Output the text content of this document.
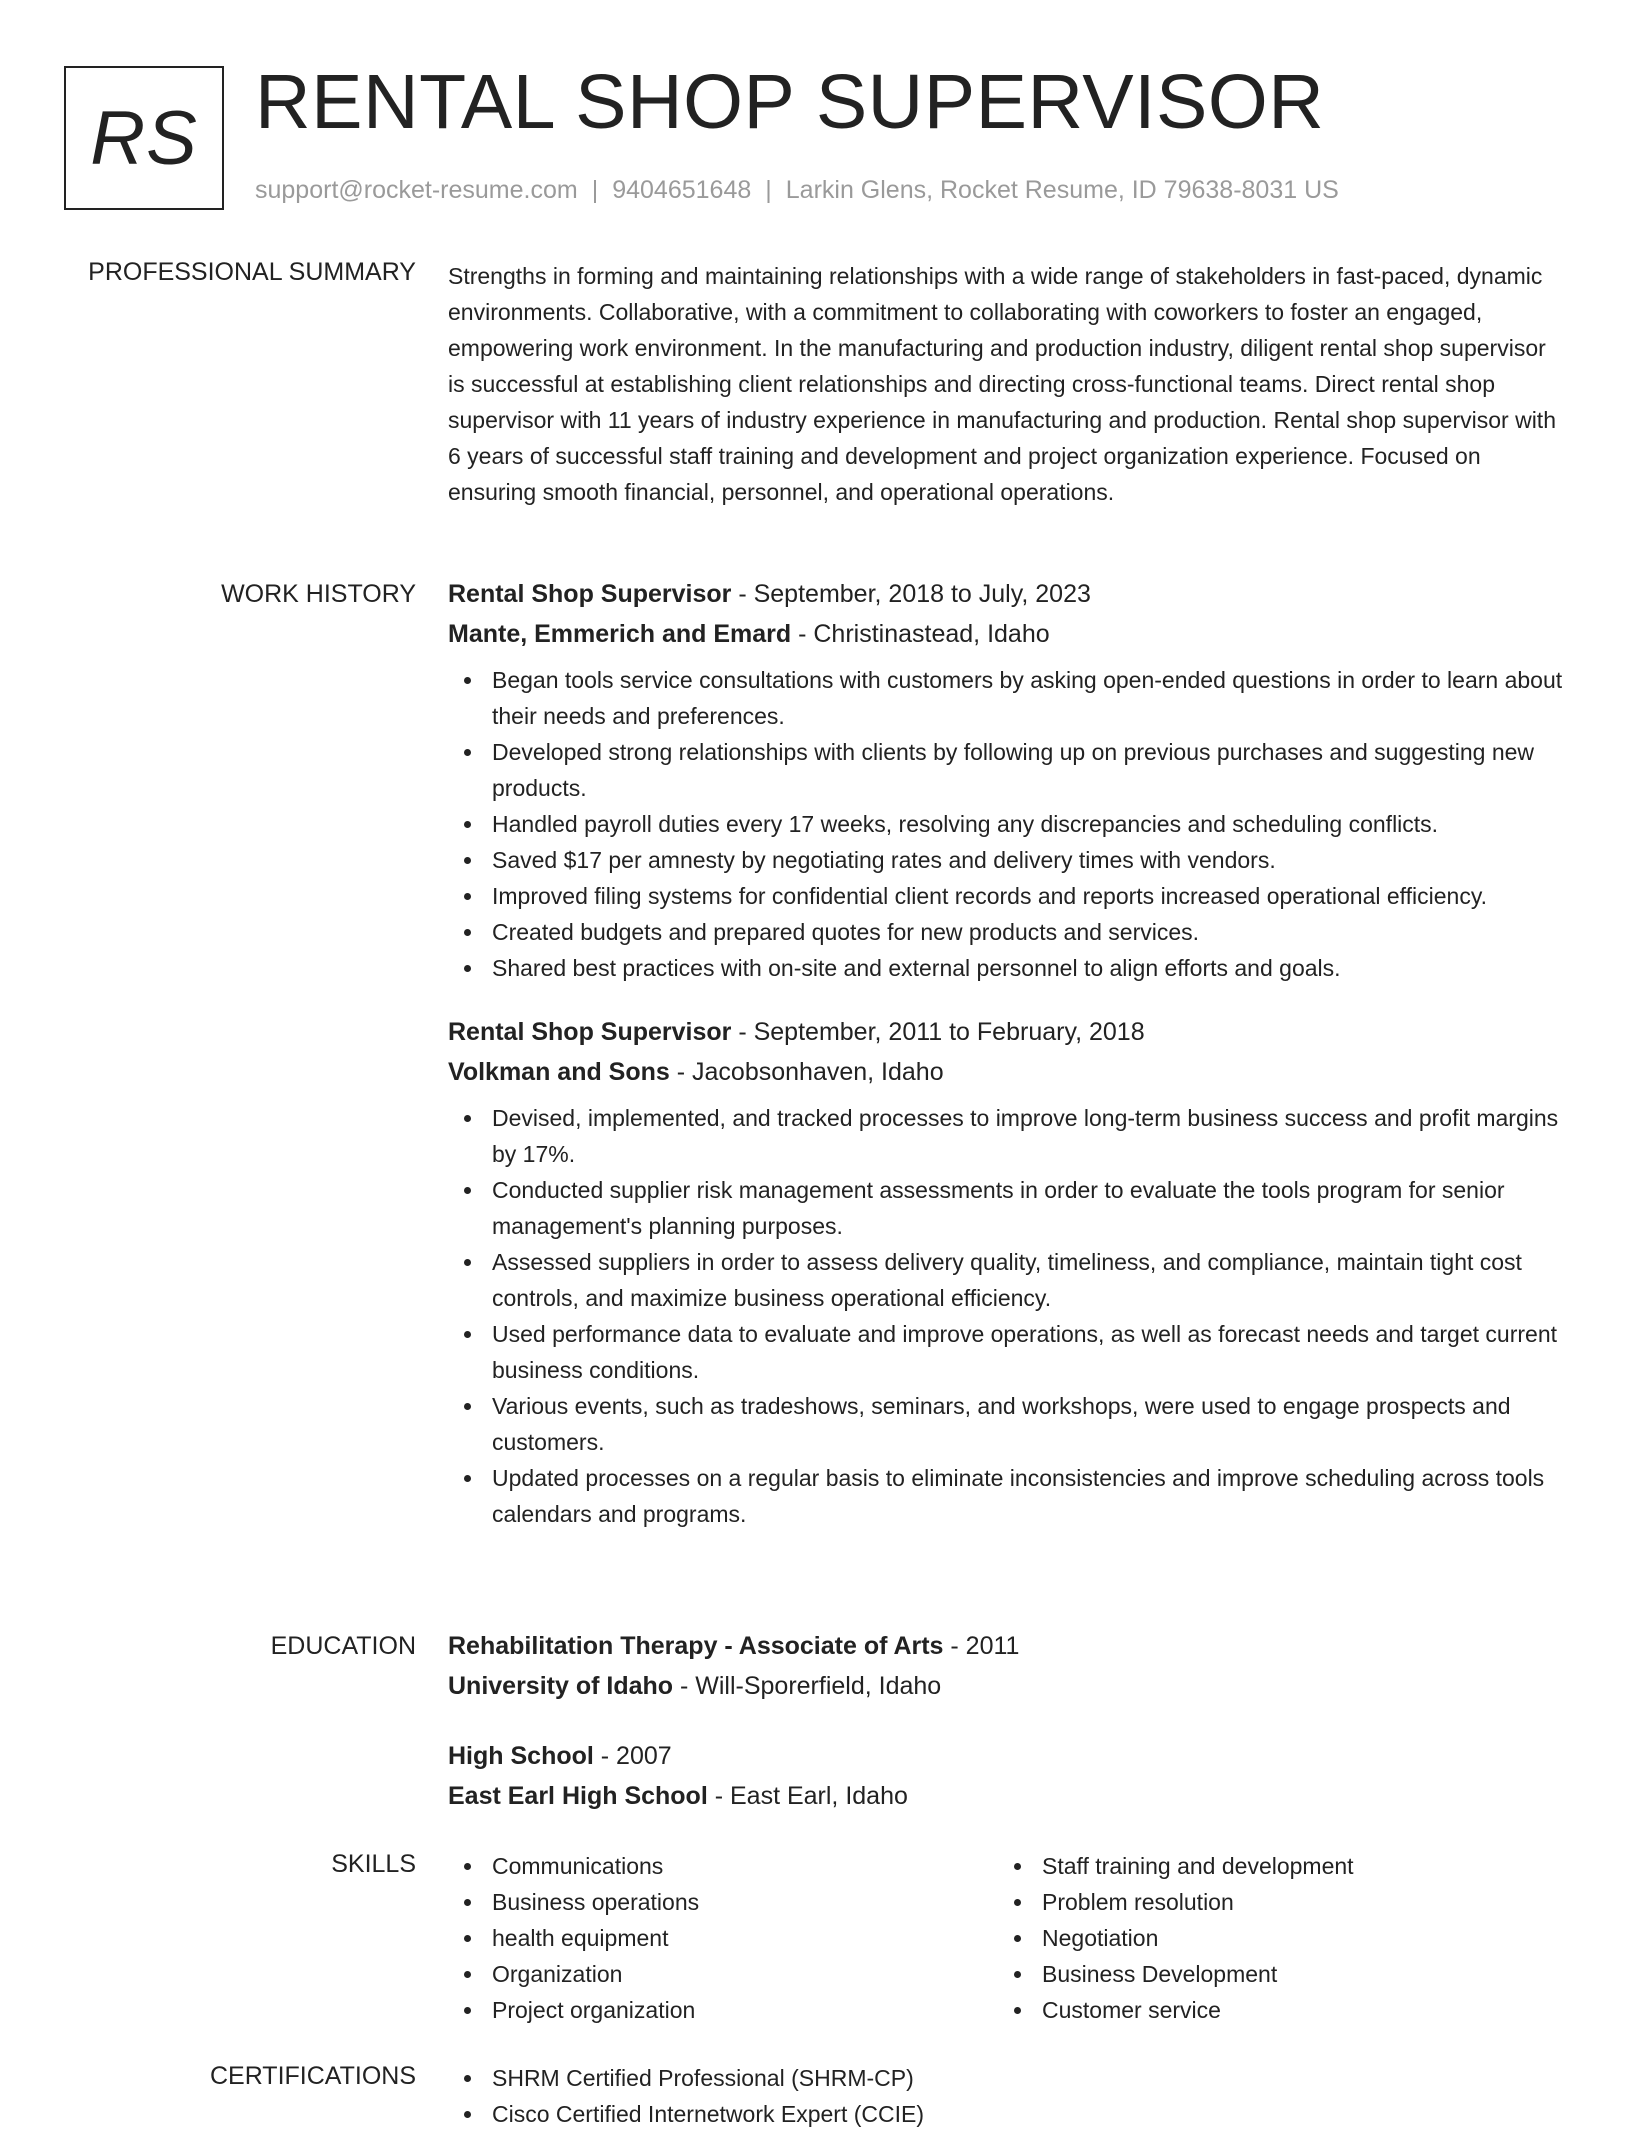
RS RENTAL SHOP SUPERVISOR
support@rocket-resume.com | 9404651648 | Larkin Glens, Rocket Resume, ID 79638-8031 US
PROFESSIONAL SUMMARY Strengths in forming and maintaining relationships with a wide range of stakeholders in fast-paced, dynamic environments. Collaborative, with a commitment to collaborating with coworkers to foster an engaged, empowering work environment. In the manufacturing and production industry, diligent rental shop supervisor is successful at establishing client relationships and directing cross-functional teams. Direct rental shop supervisor with 11 years of industry experience in manufacturing and production. Rental shop supervisor with 6 years of successful staff training and development and project organization experience. Focused on ensuring smooth financial, personnel, and operational operations.

WORK HISTORY Rental Shop Supervisor - September, 2018 to July, 2023
Mante, Emmerich and Emard - Christinastead, Idaho
Began tools service consultations with customers by asking open-ended questions in order to learn about their needs and preferences.
Developed strong relationships with clients by following up on previous purchases and suggesting new products.
Handled payroll duties every 17 weeks, resolving any discrepancies and scheduling conflicts.
Saved $17 per amnesty by negotiating rates and delivery times with vendors.
Improved filing systems for confidential client records and reports increased operational efficiency.
Created budgets and prepared quotes for new products and services.
Shared best practices with on-site and external personnel to align efforts and goals.
Rental Shop Supervisor - September, 2011 to February, 2018
Volkman and Sons - Jacobsonhaven, Idaho
Devised, implemented, and tracked processes to improve long-term business success and profit margins by 17%.
Conducted supplier risk management assessments in order to evaluate the tools program for senior management's planning purposes.
Assessed suppliers in order to assess delivery quality, timeliness, and compliance, maintain tight cost controls, and maximize business operational efficiency.
Used performance data to evaluate and improve operations, as well as forecast needs and target current business conditions.
Various events, such as tradeshows, seminars, and workshops, were used to engage prospects and customers.
Updated processes on a regular basis to eliminate inconsistencies and improve scheduling across tools calendars and programs.
EDUCATION Rehabilitation Therapy - Associate of Arts - 2011
University of Idaho - Will-Sporerfield, Idaho
High School - 2007
East Earl High School - East Earl, Idaho
SKILLS	Communications
Business operations
health equipment
Organization
Project organization
Staff training and development
Problem resolution
Negotiation
Business Development
Customer service
CERTIFICATIONS	SHRM Certified Professional (SHRM-CP)
Cisco Certified Internetwork Expert (CCIE)
